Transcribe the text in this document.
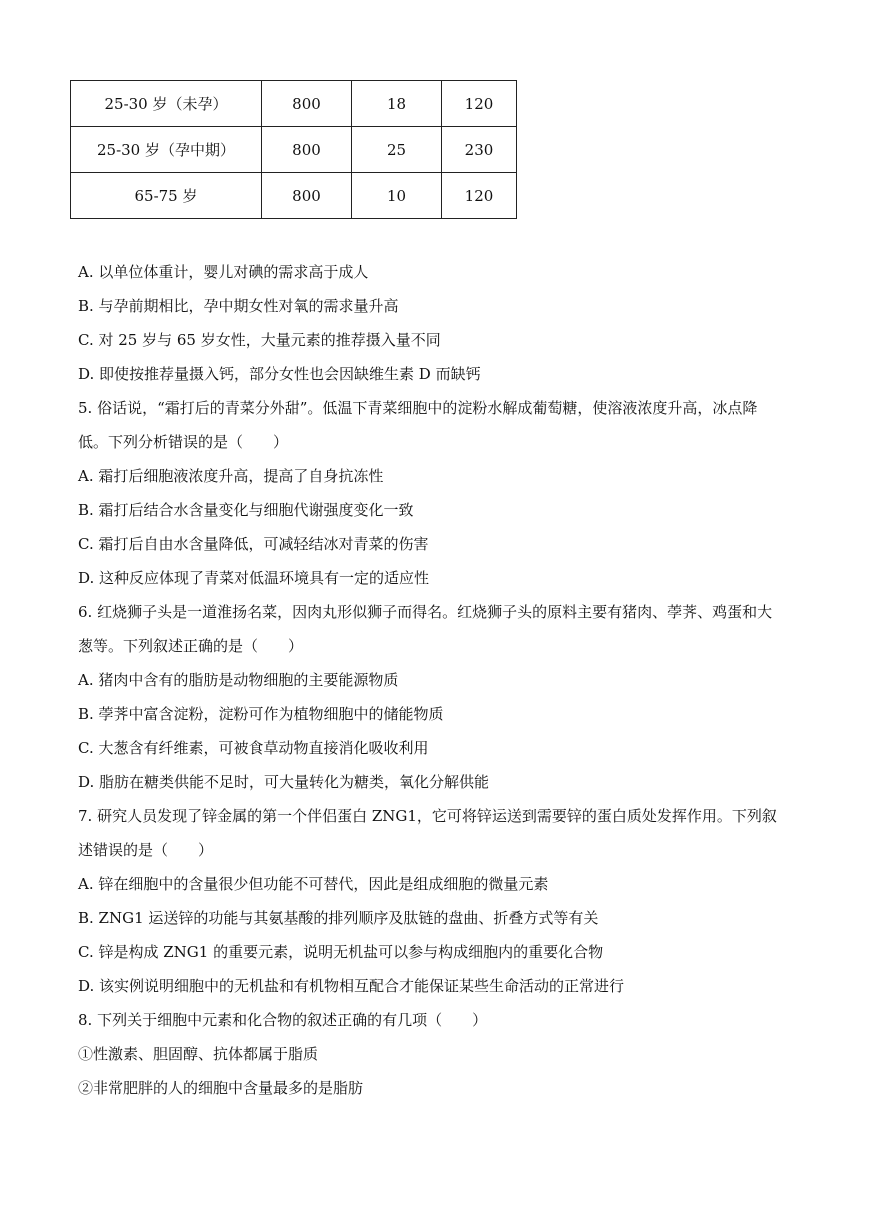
25-30 岁（未孕）	800	18	120
25-30 岁（孕中期）	800	25	230
65-75 岁	800	10	120
A. 以单位体重计，婴儿对碘的需求高于成人
B. 与孕前期相比，孕中期女性对氧的需求量升高
C. 对 25 岁与 65 岁女性，大量元素的推荐摄入量不同
D. 即使按推荐量摄入钙，部分女性也会因缺维生素 D 而缺钙
5. 俗话说，“霜打后的青菜分外甜”。低温下青菜细胞中的淀粉水解成葡萄糖，使溶液浓度升高，冰点降
低。下列分析错误的是（　　）
A. 霜打后细胞液浓度升高，提高了自身抗冻性
B. 霜打后结合水含量变化与细胞代谢强度变化一致
C. 霜打后自由水含量降低，可减轻结冰对青菜的伤害
D. 这种反应体现了青菜对低温环境具有一定的适应性
6. 红烧狮子头是一道淮扬名菜，因肉丸形似狮子而得名。红烧狮子头的原料主要有猪肉、荸荠、鸡蛋和大
葱等。下列叙述正确的是（　　）
A. 猪肉中含有的脂肪是动物细胞的主要能源物质
B. 荸荠中富含淀粉，淀粉可作为植物细胞中的储能物质
C. 大葱含有纤维素，可被食草动物直接消化吸收利用
D. 脂肪在糖类供能不足时，可大量转化为糖类，氧化分解供能
7. 研究人员发现了锌金属的第一个伴侣蛋白 ZNG1，它可将锌运送到需要锌的蛋白质处发挥作用。下列叙
述错误的是（　　）
A. 锌在细胞中的含量很少但功能不可替代，因此是组成细胞的微量元素
B. ZNG1 运送锌的功能与其氨基酸的排列顺序及肽链的盘曲、折叠方式等有关
C. 锌是构成 ZNG1 的重要元素，说明无机盐可以参与构成细胞内的重要化合物
D. 该实例说明细胞中的无机盐和有机物相互配合才能保证某些生命活动的正常进行
8. 下列关于细胞中元素和化合物的叙述正确的有几项（　　）
①性激素、胆固醇、抗体都属于脂质
②非常肥胖的人的细胞中含量最多的是脂肪
